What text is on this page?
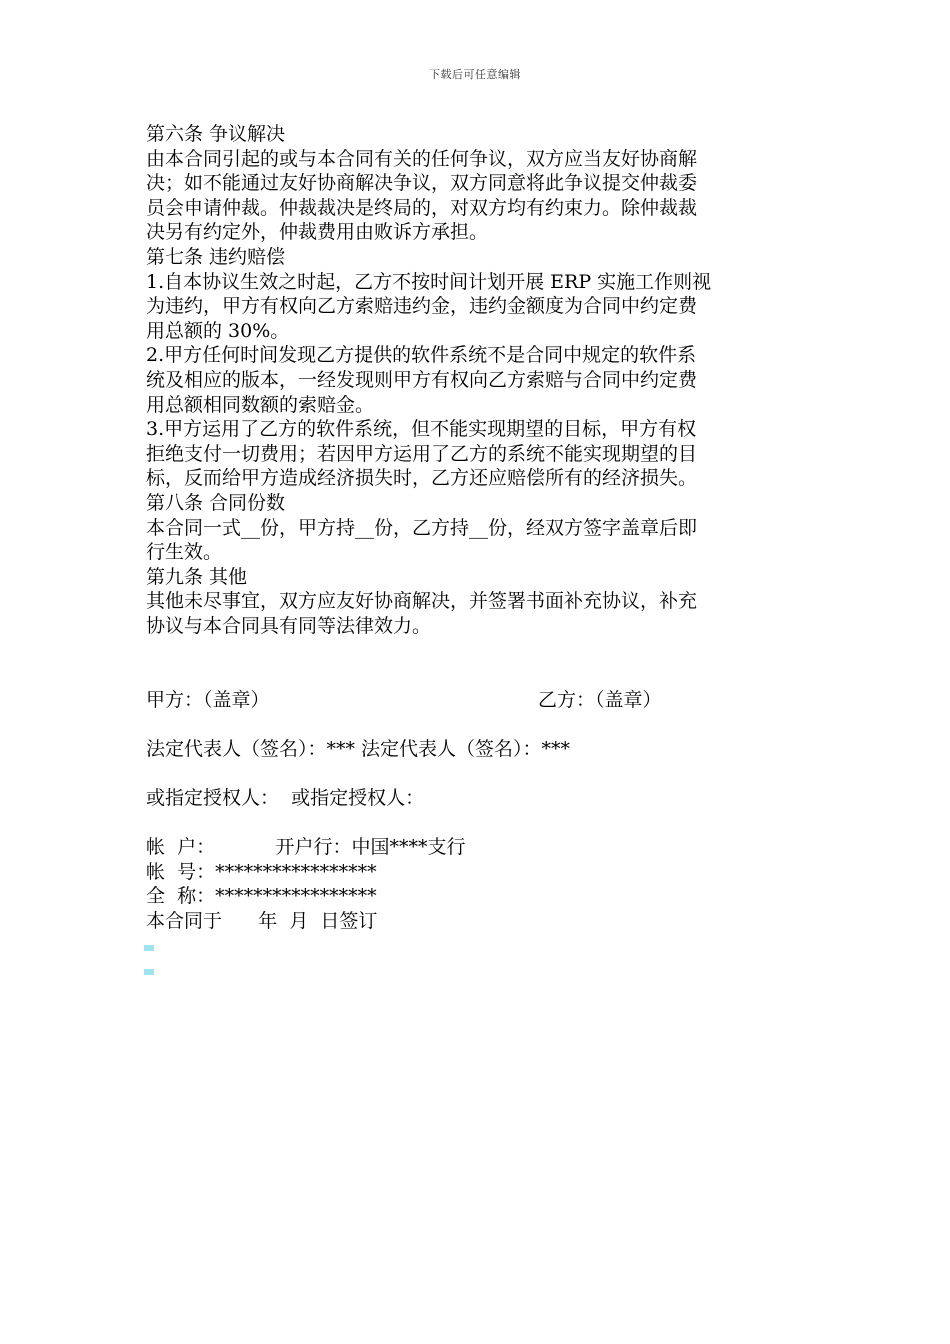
下载后可任意编辑
第六条 争议解决
由本合同引起的或与本合同有关的任何争议，双方应当友好协商解
决；如不能通过友好协商解决争议，双方同意将此争议提交仲裁委
员会申请仲裁。仲裁裁决是终局的，对双方均有约束力。除仲裁裁
决另有约定外，仲裁费用由败诉方承担。
第七条 违约赔偿
1.自本协议生效之时起，乙方不按时间计划开展 ERP 实施工作则视
为违约，甲方有权向乙方索赔违约金，违约金额度为合同中约定费
用总额的 30%。
2.甲方任何时间发现乙方提供的软件系统不是合同中规定的软件系
统及相应的版本，一经发现则甲方有权向乙方索赔与合同中约定费
用总额相同数额的索赔金。
3.甲方运用了乙方的软件系统，但不能实现期望的目标，甲方有权
拒绝支付一切费用；若因甲方运用了乙方的系统不能实现期望的目
标，反而给甲方造成经济损失时，乙方还应赔偿所有的经济损失。
第八条 合同份数
本合同一式__份，甲方持__份，乙方持__份，经双方签字盖章后即
行生效。
第九条 其他
其他未尽事宜，双方应友好协商解决，并签署书面补充协议，补充
协议与本合同具有同等法律效力。
甲方：（盖章）	乙方：（盖章）
法定代表人（签名）：*** 法定代表人（签名）：***
或指定授权人：  或指定授权人：
帐  户：          开户行：中国****支行
帐  号：*****************
全  称：*****************
本合同于      年  月  日签订
